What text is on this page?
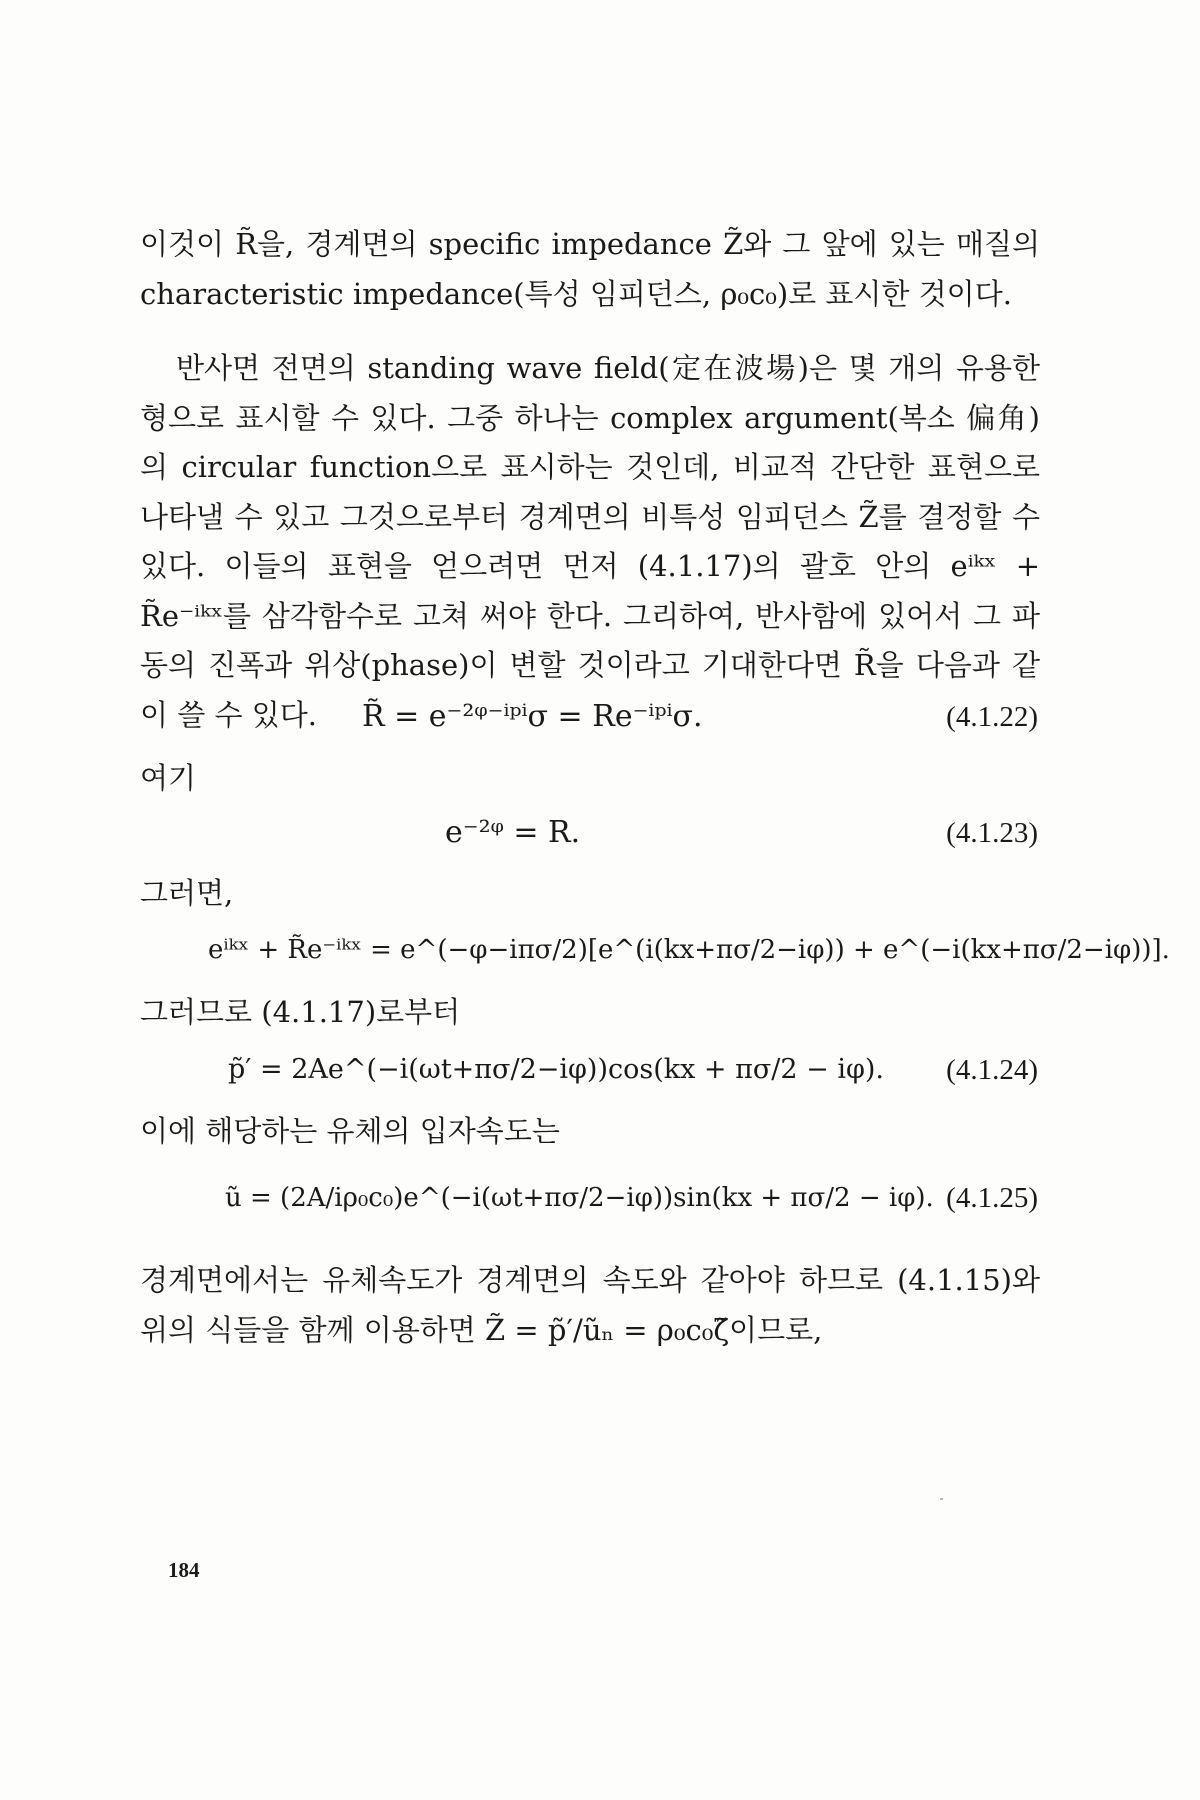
이것이 R̃을, 경계면의 specific impedance Z̃와 그 앞에 있는 매질의 characteristic impedance(특성 임피던스, ρ₀c₀)로 표시한 것이다.

반사면 전면의 standing wave field(定在波場)은 몇 개의 유용한 형으로 표시할 수 있다. 그중 하나는 complex argument(복소 偏角)의 circular function으로 표시하는 것인데, 비교적 간단한 표현으로 나타낼 수 있고 그것으로부터 경계면의 비특성 임피던스 Z̃를 결정할 수 있다. 이들의 표현을 얻으려면 먼저 (4.1.17)의 괄호 안의 eⁱᵏˣ + R̃e⁻ⁱᵏˣ를 삼각함수로 고쳐 써야 한다. 그리하여, 반사함에 있어서 그 파동의 진폭과 위상(phase)이 변할 것이라고 기대한다면 R̃을 다음과 같이 쓸 수 있다.	R̃ = e⁻²ᵠ⁻ⁱᵖⁱσ = Re⁻ⁱᵖⁱσ.	(4.1.22)
여기
e⁻²ᵠ = R.	(4.1.23)
그러면,
eⁱᵏˣ + R̃e⁻ⁱᵏˣ = e^(−φ−iπσ/2)[e^(i(kx+πσ/2−iφ)) + e^(−i(kx+πσ/2−iφ))].
그러므로 (4.1.17)로부터
p̃′ = 2Ae^(−i(ωt+πσ/2−iφ))cos(kx + πσ/2 − iφ). (4.1.24)
이에 해당하는 유체의 입자속도는
ũ = (2A/iρ₀c₀)e^(−i(ωt+πσ/2−iφ))sin(kx + πσ/2 − iφ). (4.1.25)

경계면에서는 유체속도가 경계면의 속도와 같아야 하므로 (4.1.15)와 위의 식들을 함께 이용하면 Z̃ = p̃′/ũₙ = ρ₀c₀ζ̃이므로,

184
